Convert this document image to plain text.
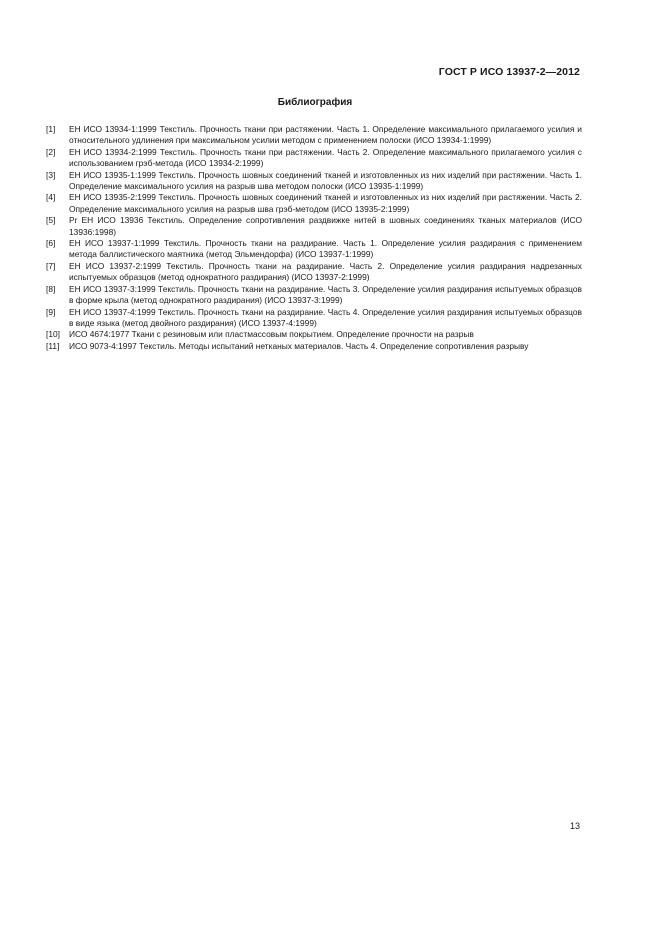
ГОСТ Р ИСО 13937-2—2012
Библиография
[1]	ЕН ИСО 13934-1:1999 Текстиль. Прочность ткани при растяжении. Часть 1. Определение максимального прилагаемого усилия и относительного удлинения при максимальном усилии методом с применением полоски (ИСО 13934-1:1999)
[2]	ЕН ИСО 13934-2:1999 Текстиль. Прочность ткани при растяжении. Часть 2. Определение максимального прилагаемого усилия с использованием грэб-метода (ИСО 13934-2:1999)
[3]	ЕН ИСО 13935-1:1999 Текстиль. Прочность шовных соединений тканей и изготовленных из них изделий при растяжении. Часть 1. Определение максимального усилия на разрыв шва методом полоски (ИСО 13935-1:1999)
[4]	ЕН ИСО 13935-2:1999 Текстиль. Прочность шовных соединений тканей и изготовленных из них изделий при растяжении. Часть 2. Определение максимального усилия на разрыв шва грэб-методом (ИСО 13935-2:1999)
[5]	Pr ЕН ИСО 13936 Текстиль. Определение сопротивления раздвижке нитей в шовных соединениях тканых материалов (ИСО 13936:1998)
[6]	ЕН ИСО 13937-1:1999 Текстиль. Прочность ткани на раздирание. Часть 1. Определение усилия раздирания с применением метода баллистического маятника (метод Эльмендорфа) (ИСО 13937-1:1999)
[7]	ЕН ИСО 13937-2:1999 Текстиль. Прочность ткани на раздирание. Часть 2. Определение усилия раздирания надрезанных испытуемых образцов (метод однократного раздирания) (ИСО 13937-2:1999)
[8]	ЕН ИСО 13937-3:1999 Текстиль. Прочность ткани на раздирание. Часть 3. Определение усилия раздирания испытуемых образцов в форме крыла (метод однократного раздирания) (ИСО 13937-3:1999)
[9]	ЕН ИСО 13937-4:1999 Текстиль. Прочность ткани на раздирание. Часть 4. Определение усилия раздирания испытуемых образцов в виде языка (метод двойного раздирания) (ИСО 13937-4:1999)
[10]	ИСО 4674:1977 Ткани с резиновым или пластмассовым покрытием. Определение прочности на разрыв
[11]	ИСО 9073-4:1997 Текстиль. Методы испытаний нетканых материалов. Часть 4. Определение сопротивления разрыву
13
